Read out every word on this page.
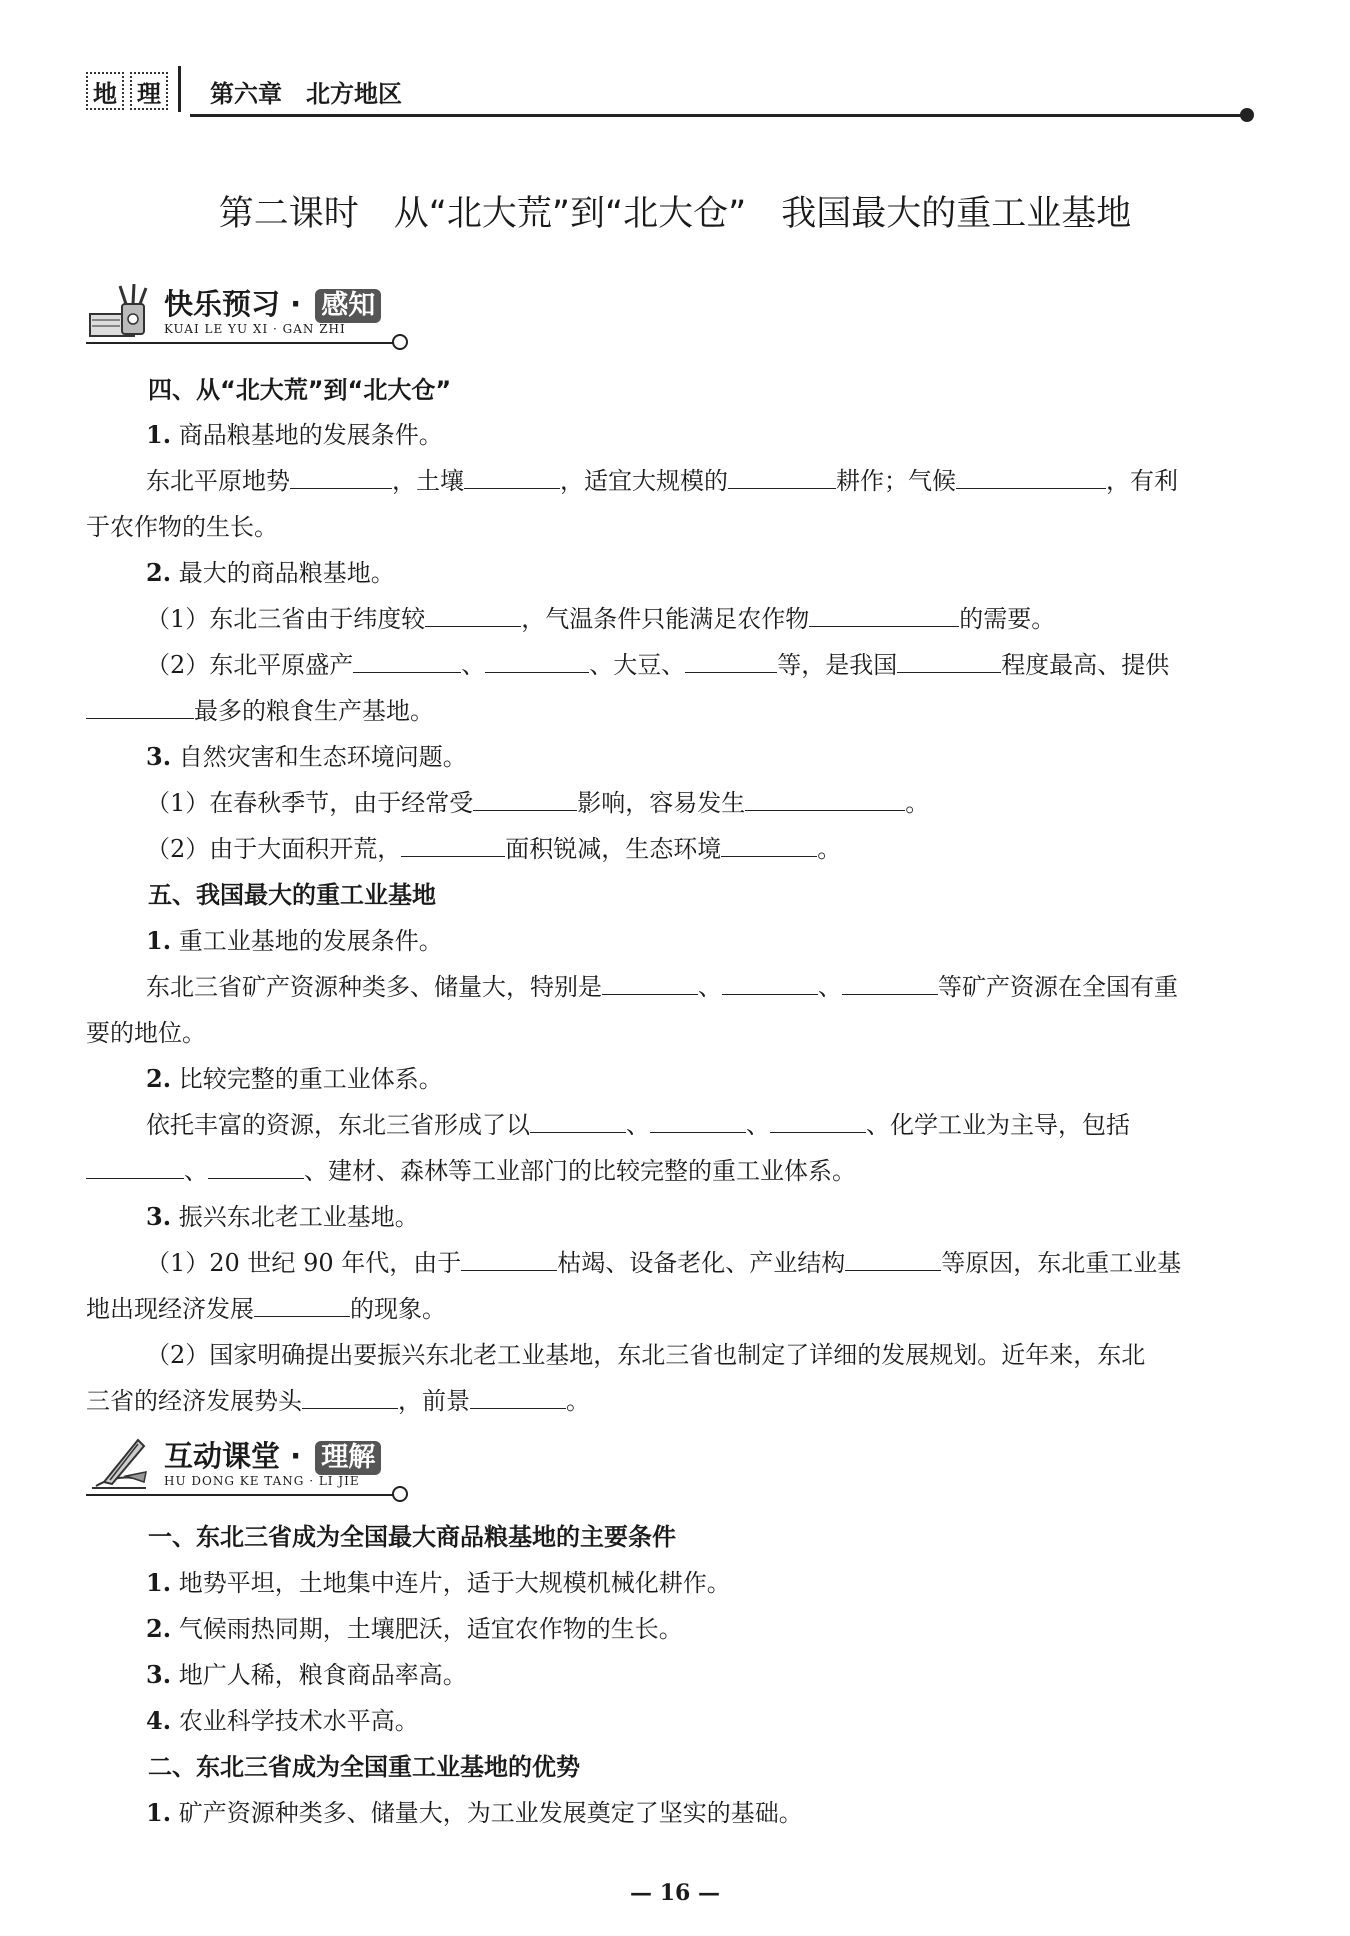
地 理 第六章　北方地区
第二课时　从“北大荒”到“北大仓”　我国最大的重工业基地
快乐预习 · 感知
KUAI LE YU XI · GAN ZHI
四、从“北大荒”到“北大仓”
1. 商品粮基地的发展条件。
东北平原地势	，土壤	，适宜大规模的	耕作；气候	，有利
于农作物的生长。
2. 最大的商品粮基地。
（1）东北三省由于纬度较	，气温条件只能满足农作物	的需要。
（2）东北平原盛产	、	、大豆、	等，是我国	程度最高、提供
最多的粮食生产基地。
3. 自然灾害和生态环境问题。
（1）在春秋季节，由于经常受	影响，容易发生	。
（2）由于大面积开荒，	面积锐减，生态环境	。
五、我国最大的重工业基地
1. 重工业基地的发展条件。
东北三省矿产资源种类多、储量大，特别是	、	、	等矿产资源在全国有重
要的地位。
2. 比较完整的重工业体系。
依托丰富的资源，东北三省形成了以	、	、	、化学工业为主导，包括
、	、建材、森林等工业部门的比较完整的重工业体系。
3. 振兴东北老工业基地。
（1）20 世纪 90 年代，由于	枯竭、设备老化、产业结构	等原因，东北重工业基
地出现经济发展	的现象。
（2）国家明确提出要振兴东北老工业基地，东北三省也制定了详细的发展规划。近年来，东北
三省的经济发展势头	，前景	。
互动课堂 · 理解
HU DONG KE TANG · LI JIE
一、东北三省成为全国最大商品粮基地的主要条件
1. 地势平坦，土地集中连片，适于大规模机械化耕作。
2. 气候雨热同期，土壤肥沃，适宜农作物的生长。
3. 地广人稀，粮食商品率高。
4. 农业科学技术水平高。
二、东北三省成为全国重工业基地的优势
1. 矿产资源种类多、储量大，为工业发展奠定了坚实的基础。
— 16 —
